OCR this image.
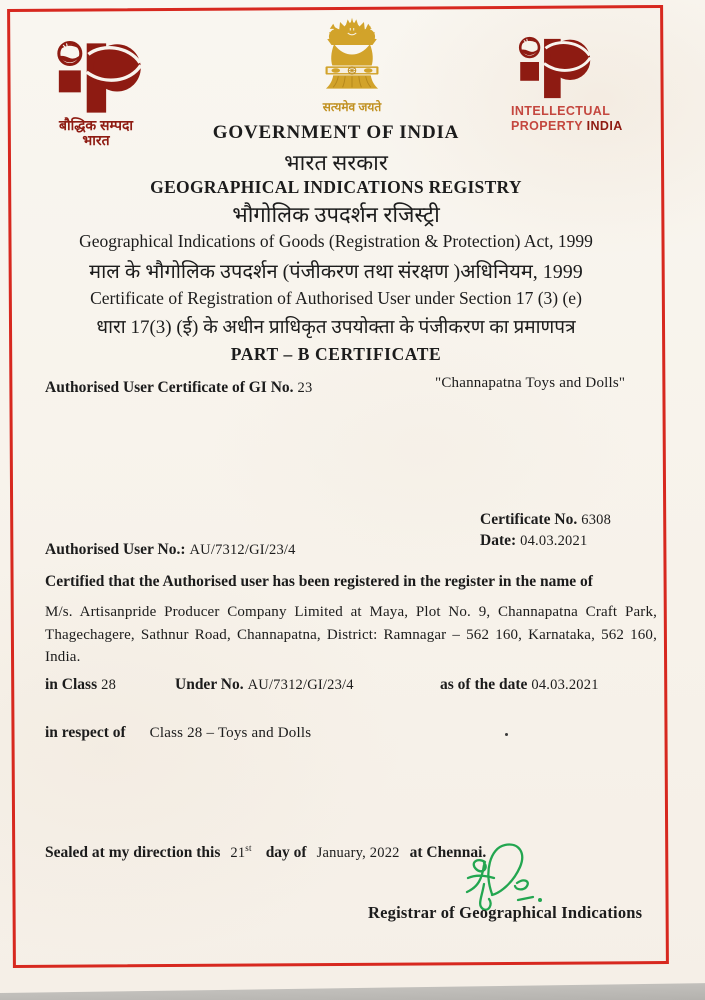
बौद्धिक सम्पदा
भारत
सत्यमेव जयते	INTELLECTUAL
PROPERTY INDIA
GOVERNMENT OF INDIA
भारत सरकार
GEOGRAPHICAL INDICATIONS REGISTRY
भौगोलिक उपदर्शन रजिस्ट्री
Geographical Indications of Goods (Registration & Protection) Act, 1999
माल के भौगोलिक उपदर्शन (पंजीकरण तथा संरक्षण )अधिनियम, 1999
Certificate of Registration of Authorised User under Section 17 (3) (e)
धारा 17(3) (ई) के अधीन प्राधिकृत उपयोक्ता के पंजीकरण का प्रमाणपत्र
PART – B CERTIFICATE
Authorised User Certificate of GI No. 23	"Channapatna Toys and Dolls"
Certificate No. 6308
Date: 04.03.2021
Authorised User No.: AU/7312/GI/23/4
Certified that the Authorised user has been registered in the register in the name of
M/s. Artisanpride Producer Company Limited at Maya, Plot No. 9, Channapatna Craft Park, Thagechagere, Sathnur Road, Channapatna, District: Ramnagar – 562 160, Karnataka, 562 160, India.
in Class 28	Under No. AU/7312/GI/23/4	as of the date 04.03.2021
in respect of Class 28 – Toys and Dolls
Sealed at my direction this 21st day of January, 2022 at Chennai.
Registrar of Geographical Indications
